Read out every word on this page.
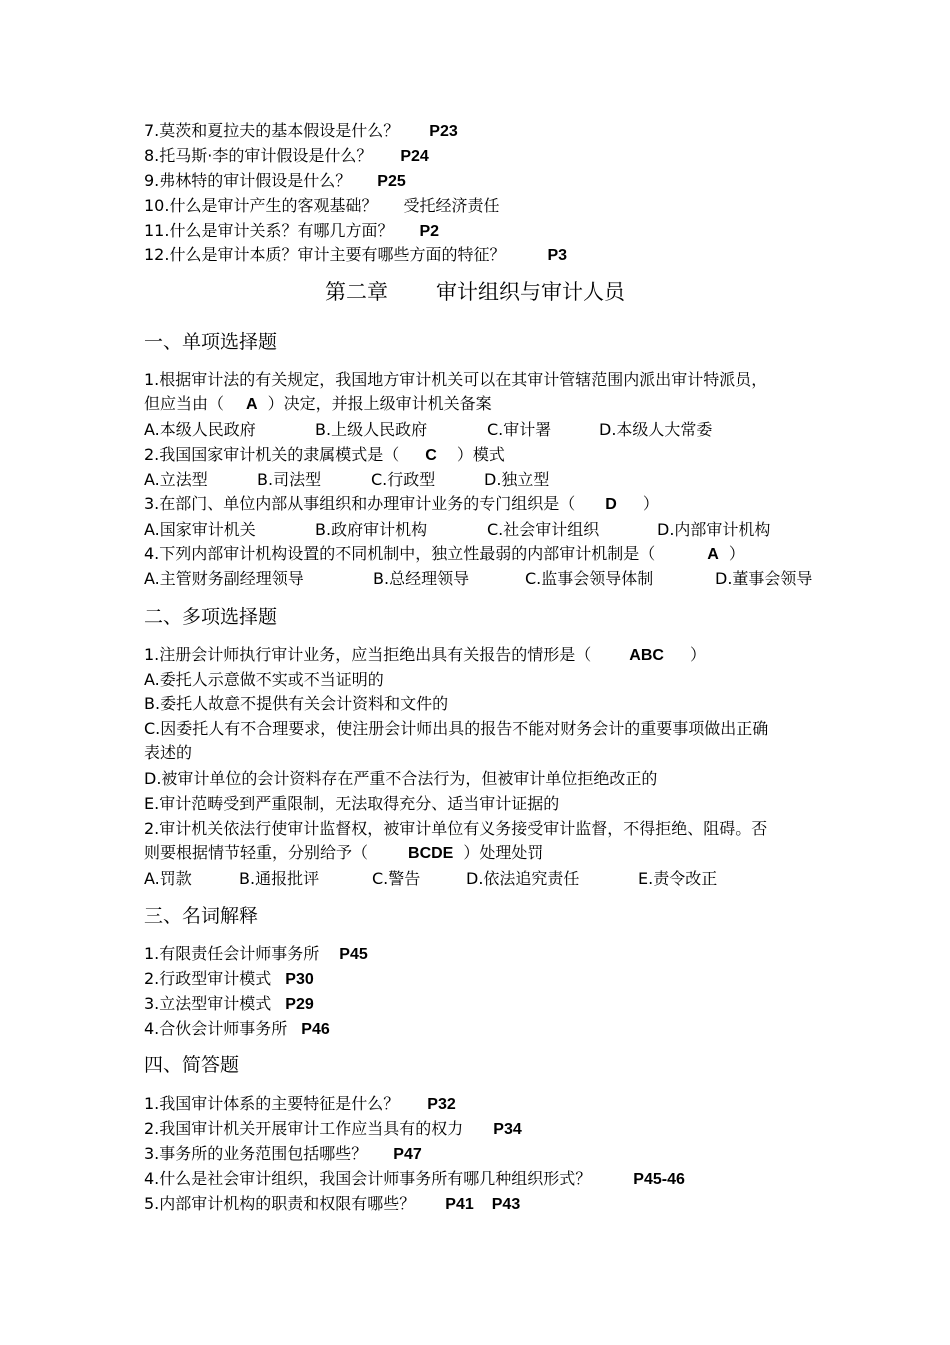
7.莫茨和夏拉夫的基本假设是什么？ P23
8.托马斯·李的审计假设是什么？ P24
9.弗林特的审计假设是什么？ P25
10.什么是审计产生的客观基础？ 受托经济责任
11.什么是审计关系？有哪几方面？ P2
12.什么是审计本质？审计主要有哪些方面的特征？	P3
第二章 审计组织与审计人员
一、单项选择题
1.根据审计法的有关规定，我国地方审计机关可以在其审计管辖范围内派出审计特派员，
但应当由（ A ）决定，并报上级审计机关备案
A.本级人民政府	B.上级人民政府	C.审计署	D.本级人大常委
2.我国国家审计机关的隶属模式是（ C ）模式
A.立法型	B.司法型	C.行政型	D.独立型
3.在部门、单位内部从事组织和办理审计业务的专门组织是（ D ）
A.国家审计机关	B.政府审计机构	C.社会审计组织	D.内部审计机构
4.下列内部审计机构设置的不同机制中，独立性最弱的内部审计机制是（	A ）
A.主管财务副经理领导	B.总经理领导	C.监事会领导体制	D.董事会领导
二、多项选择题
1.注册会计师执行审计业务，应当拒绝出具有关报告的情形是（ ABC ）
A.委托人示意做不实或不当证明的
B.委托人故意不提供有关会计资料和文件的
C.因委托人有不合理要求，使注册会计师出具的报告不能对财务会计的重要事项做出正确
表述的
D.被审计单位的会计资料存在严重不合法行为，但被审计单位拒绝改正的
E.审计范畴受到严重限制，无法取得充分、适当审计证据的
2.审计机关依法行使审计监督权，被审计单位有义务接受审计监督，不得拒绝、阻碍。否
则要根据情节轻重，分别给予（	BCDE ）处理处罚
A.罚款	B.通报批评	C.警告	D.依法追究责任	E.责令改正
三、名词解释
1.有限责任会计师事务所 P45
2.行政型审计模式 P30
3.立法型审计模式 P29
4.合伙会计师事务所 P46
四、简答题
1.我国审计体系的主要特征是什么？ P32
2.我国审计机关开展审计工作应当具有的权力 P34
3.事务所的业务范围包括哪些？ P47
4.什么是社会审计组织，我国会计师事务所有哪几种组织形式？	P45-46
5.内部审计机构的职责和权限有哪些？ P41 P43
